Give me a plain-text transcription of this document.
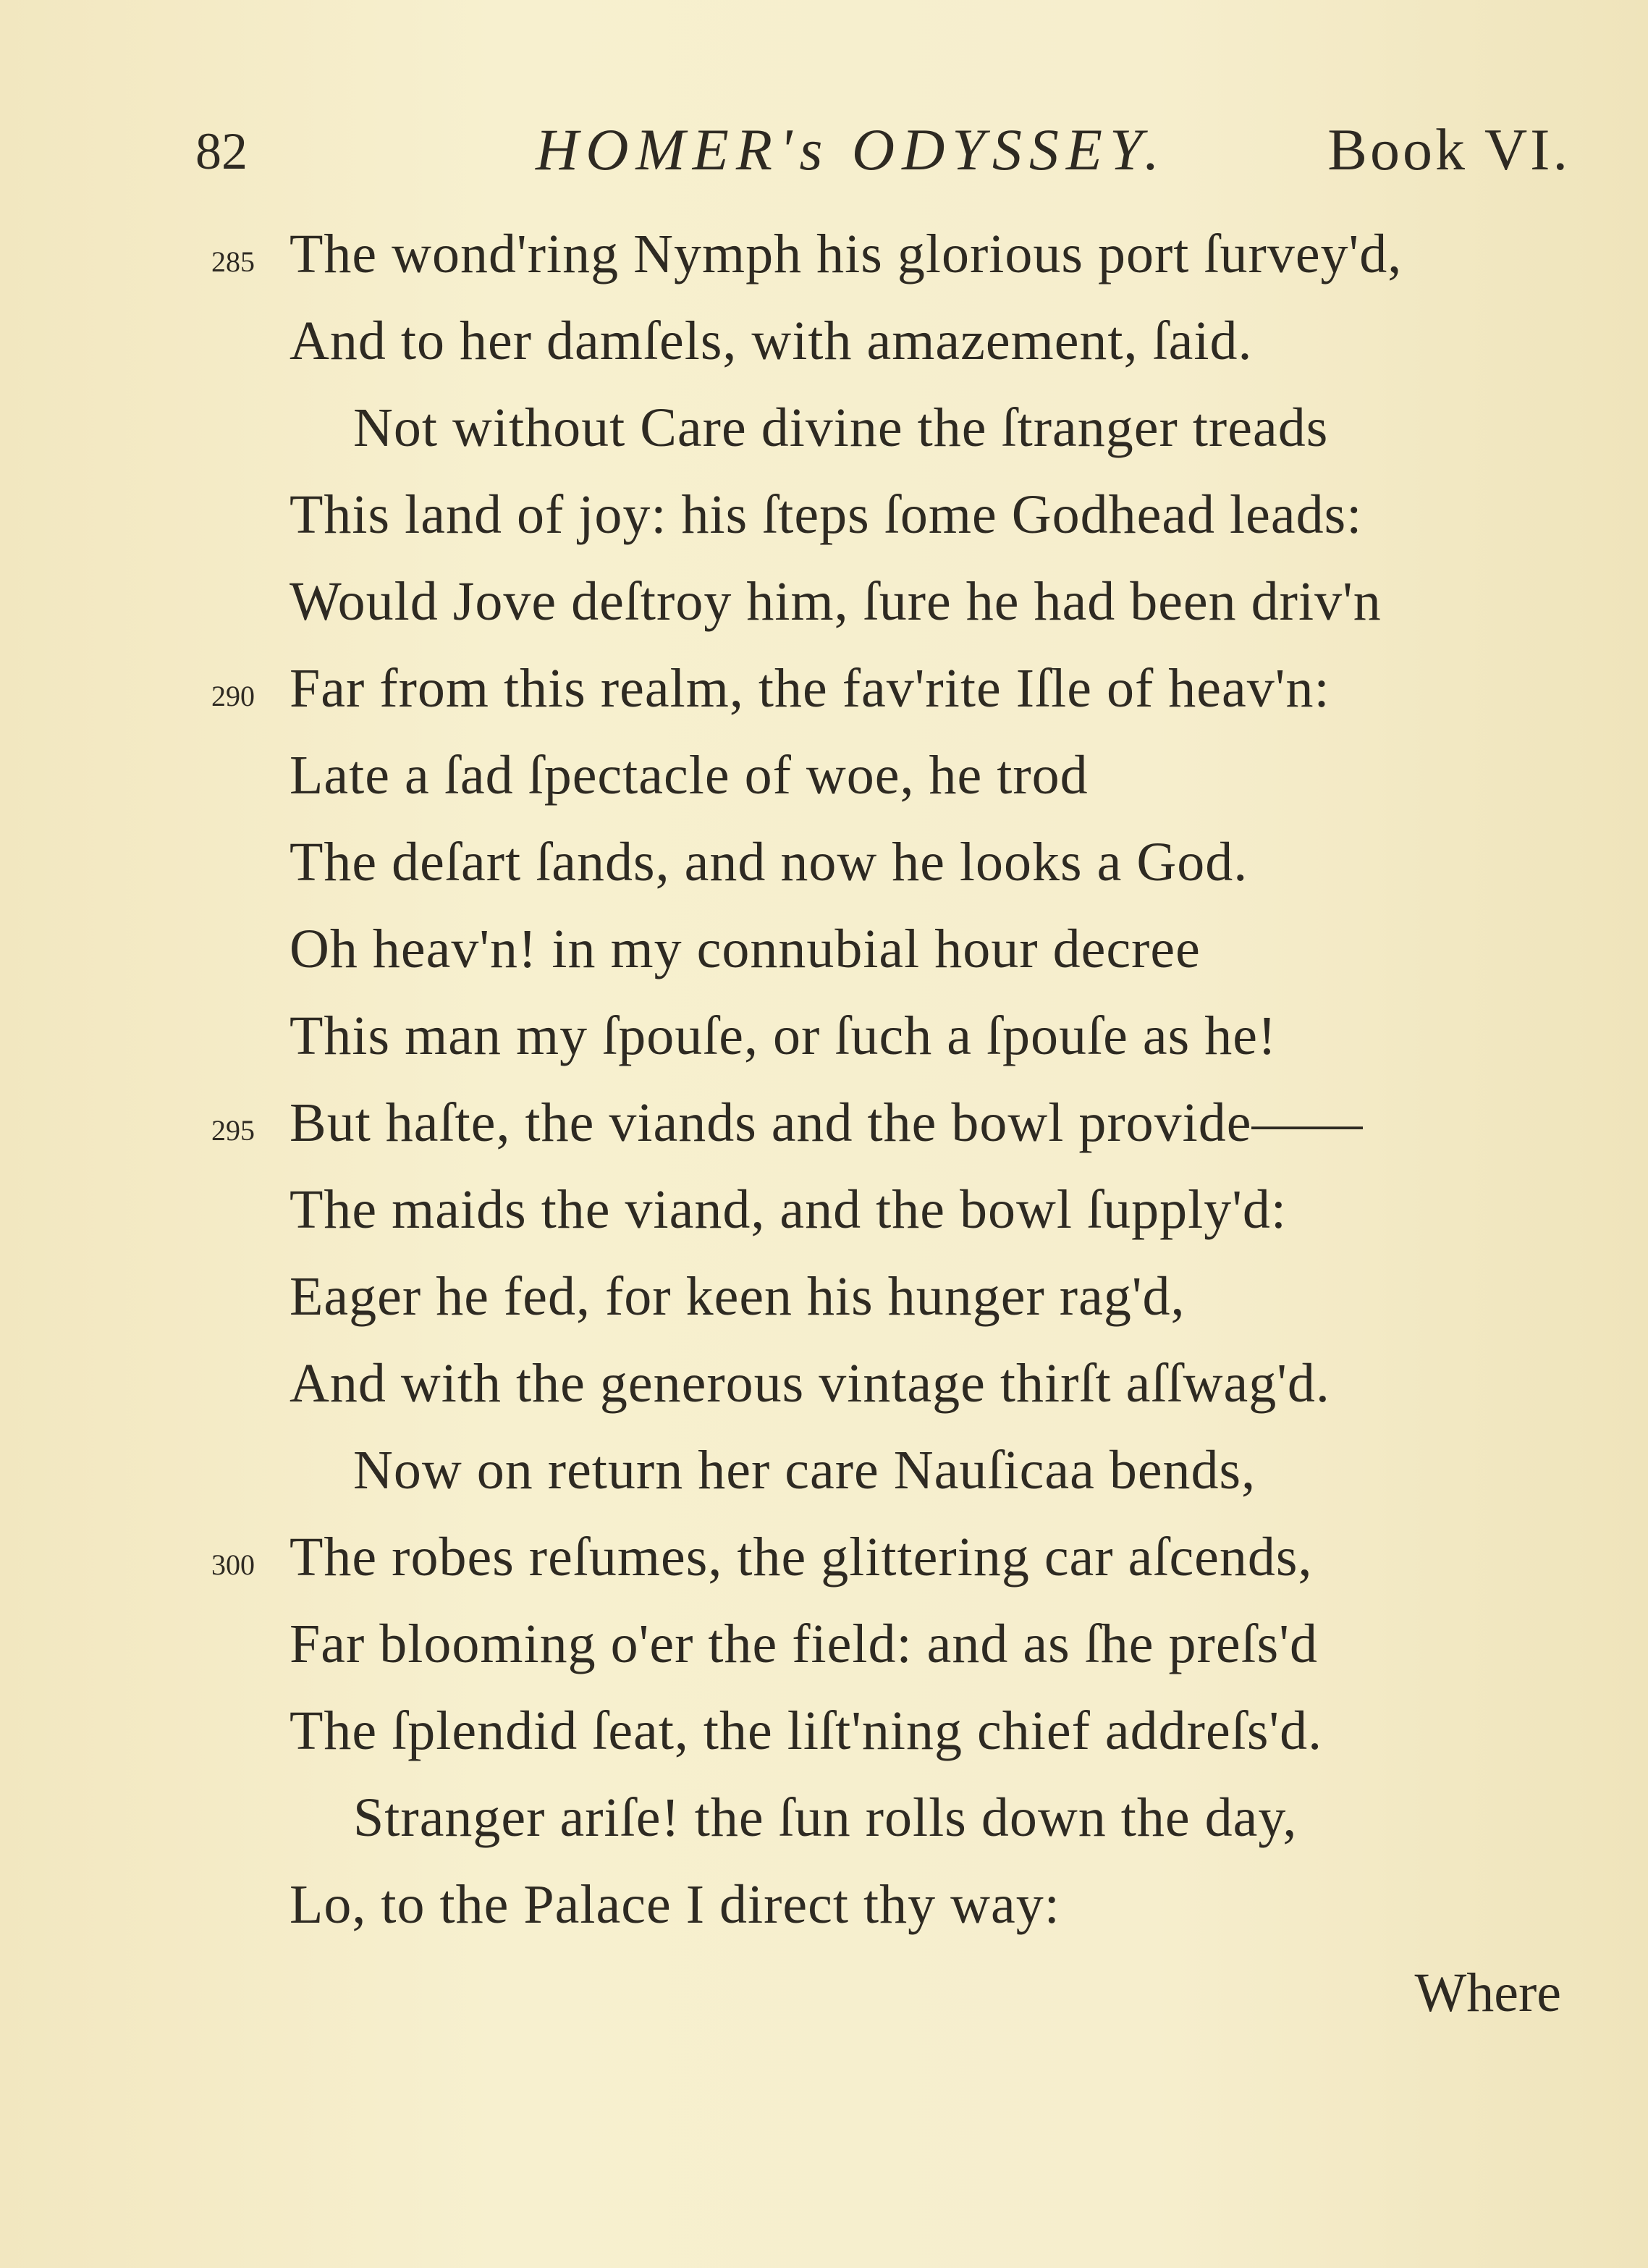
82	HOMER's ODYSSEY.	Book VI.
285 The wond'ring Nymph his glorious port ſurvey'd,
And to her damſels, with amazement, ſaid.
Not without Care divine the ſtranger treads
This land of joy: his ſteps ſome Godhead leads:
Would Jove deſtroy him, ſure he had been driv'n
290 Far from this realm, the fav'rite Iſle of heav'n:
Late a ſad ſpectacle of woe, he trod
The deſart ſands, and now he looks a God.
Oh heav'n! in my connubial hour decree
This man my ſpouſe, or ſuch a ſpouſe as he!
295 But haſte, the viands and the bowl provide——
The maids the viand, and the bowl ſupply'd:
Eager he fed, for keen his hunger rag'd,
And with the generous vintage thirſt aſſwag'd.
Now on return her care Nauſicaa bends,
300 The robes reſumes, the glittering car aſcends,
Far blooming o'er the field: and as ſhe preſs'd
The ſplendid ſeat, the liſt'ning chief addreſs'd.
Stranger ariſe! the ſun rolls down the day,
Lo, to the Palace I direct thy way:
Where
